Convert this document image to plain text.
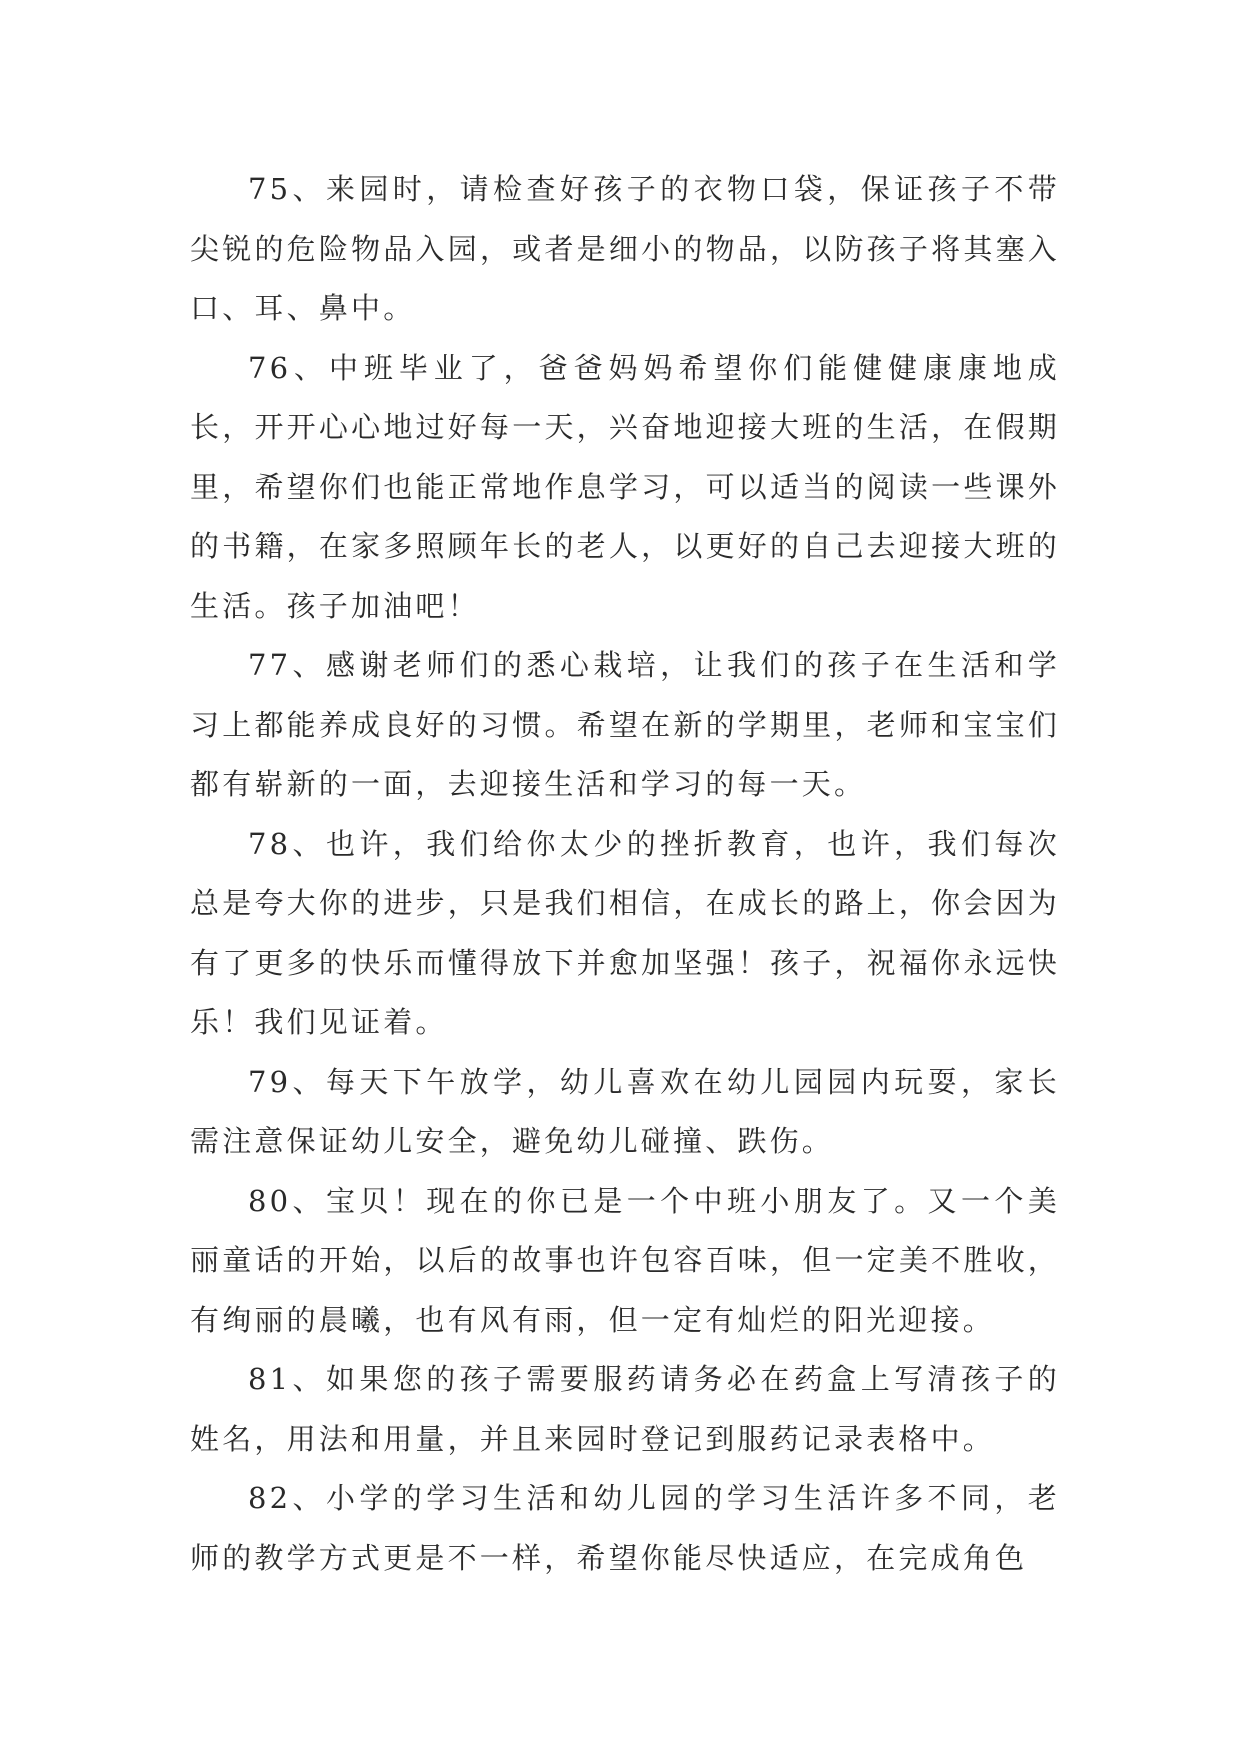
75、来园时，请检查好孩子的衣物口袋，保证孩子不带尖锐的危险物品入园，或者是细小的物品，以防孩子将其塞入口、耳、鼻中。

76、中班毕业了，爸爸妈妈希望你们能健健康康地成长，开开心心地过好每一天，兴奋地迎接大班的生活，在假期里，希望你们也能正常地作息学习，可以适当的阅读一些课外的书籍，在家多照顾年长的老人，以更好的自己去迎接大班的生活。孩子加油吧！

77、感谢老师们的悉心栽培，让我们的孩子在生活和学习上都能养成良好的习惯。希望在新的学期里，老师和宝宝们都有崭新的一面，去迎接生活和学习的每一天。

78、也许，我们给你太少的挫折教育，也许，我们每次总是夸大你的进步，只是我们相信，在成长的路上，你会因为有了更多的快乐而懂得放下并愈加坚强！孩子，祝福你永远快乐！我们见证着。

79、每天下午放学，幼儿喜欢在幼儿园园内玩耍，家长需注意保证幼儿安全，避免幼儿碰撞、跌伤。

80、宝贝！现在的你已是一个中班小朋友了。又一个美丽童话的开始，以后的故事也许包容百味，但一定美不胜收，有绚丽的晨曦，也有风有雨，但一定有灿烂的阳光迎接。

81、如果您的孩子需要服药请务必在药盒上写清孩子的姓名，用法和用量，并且来园时登记到服药记录表格中。

82、小学的学习生活和幼儿园的学习生活许多不同，老师的教学方式更是不一样，希望你能尽快适应，在完成角色
